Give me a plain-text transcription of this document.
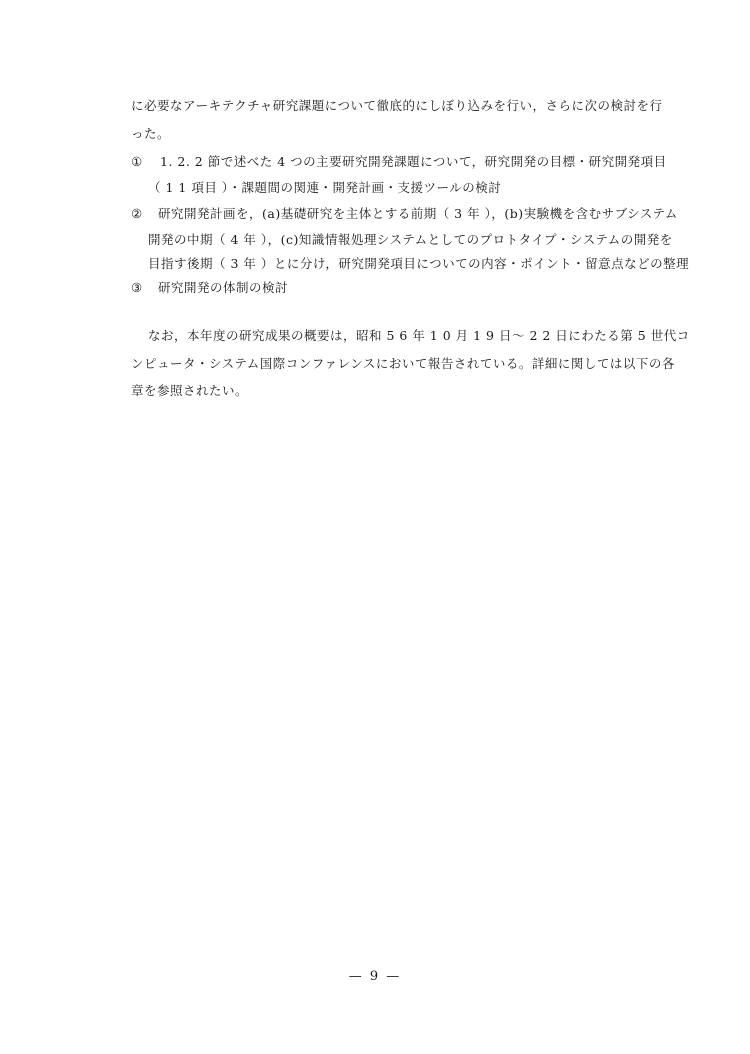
に必要なアーキテクチャ研究課題について徹底的にしぼり込みを行い，さらに次の検討を行
った。
① 1. 2. 2 節で述べた 4 つの主要研究開発課題について，研究開発の目標・研究開発項目
（ 1 1 項目 ）・課題間の関連・開発計画・支援ツールの検討
② 研究開発計画を，(a)基礎研究を主体とする前期（ 3 年 ），(b)実験機を含むサブシステム
開発の中期（ 4 年 ），(c)知識情報処理システムとしてのプロトタイプ・システムの開発を
目指す後期（ 3 年 ）とに分け，研究開発項目についての内容・ポイント・留意点などの整理
③ 研究開発の体制の検討
なお，本年度の研究成果の概要は，昭和 5 6 年 1 0 月 1 9 日～ 2 2 日にわたる第 5 世代コ
ンピュータ・システム国際コンファレンスにおいて報告されている。詳細に関しては以下の各
章を参照されたい。
— 9 —
